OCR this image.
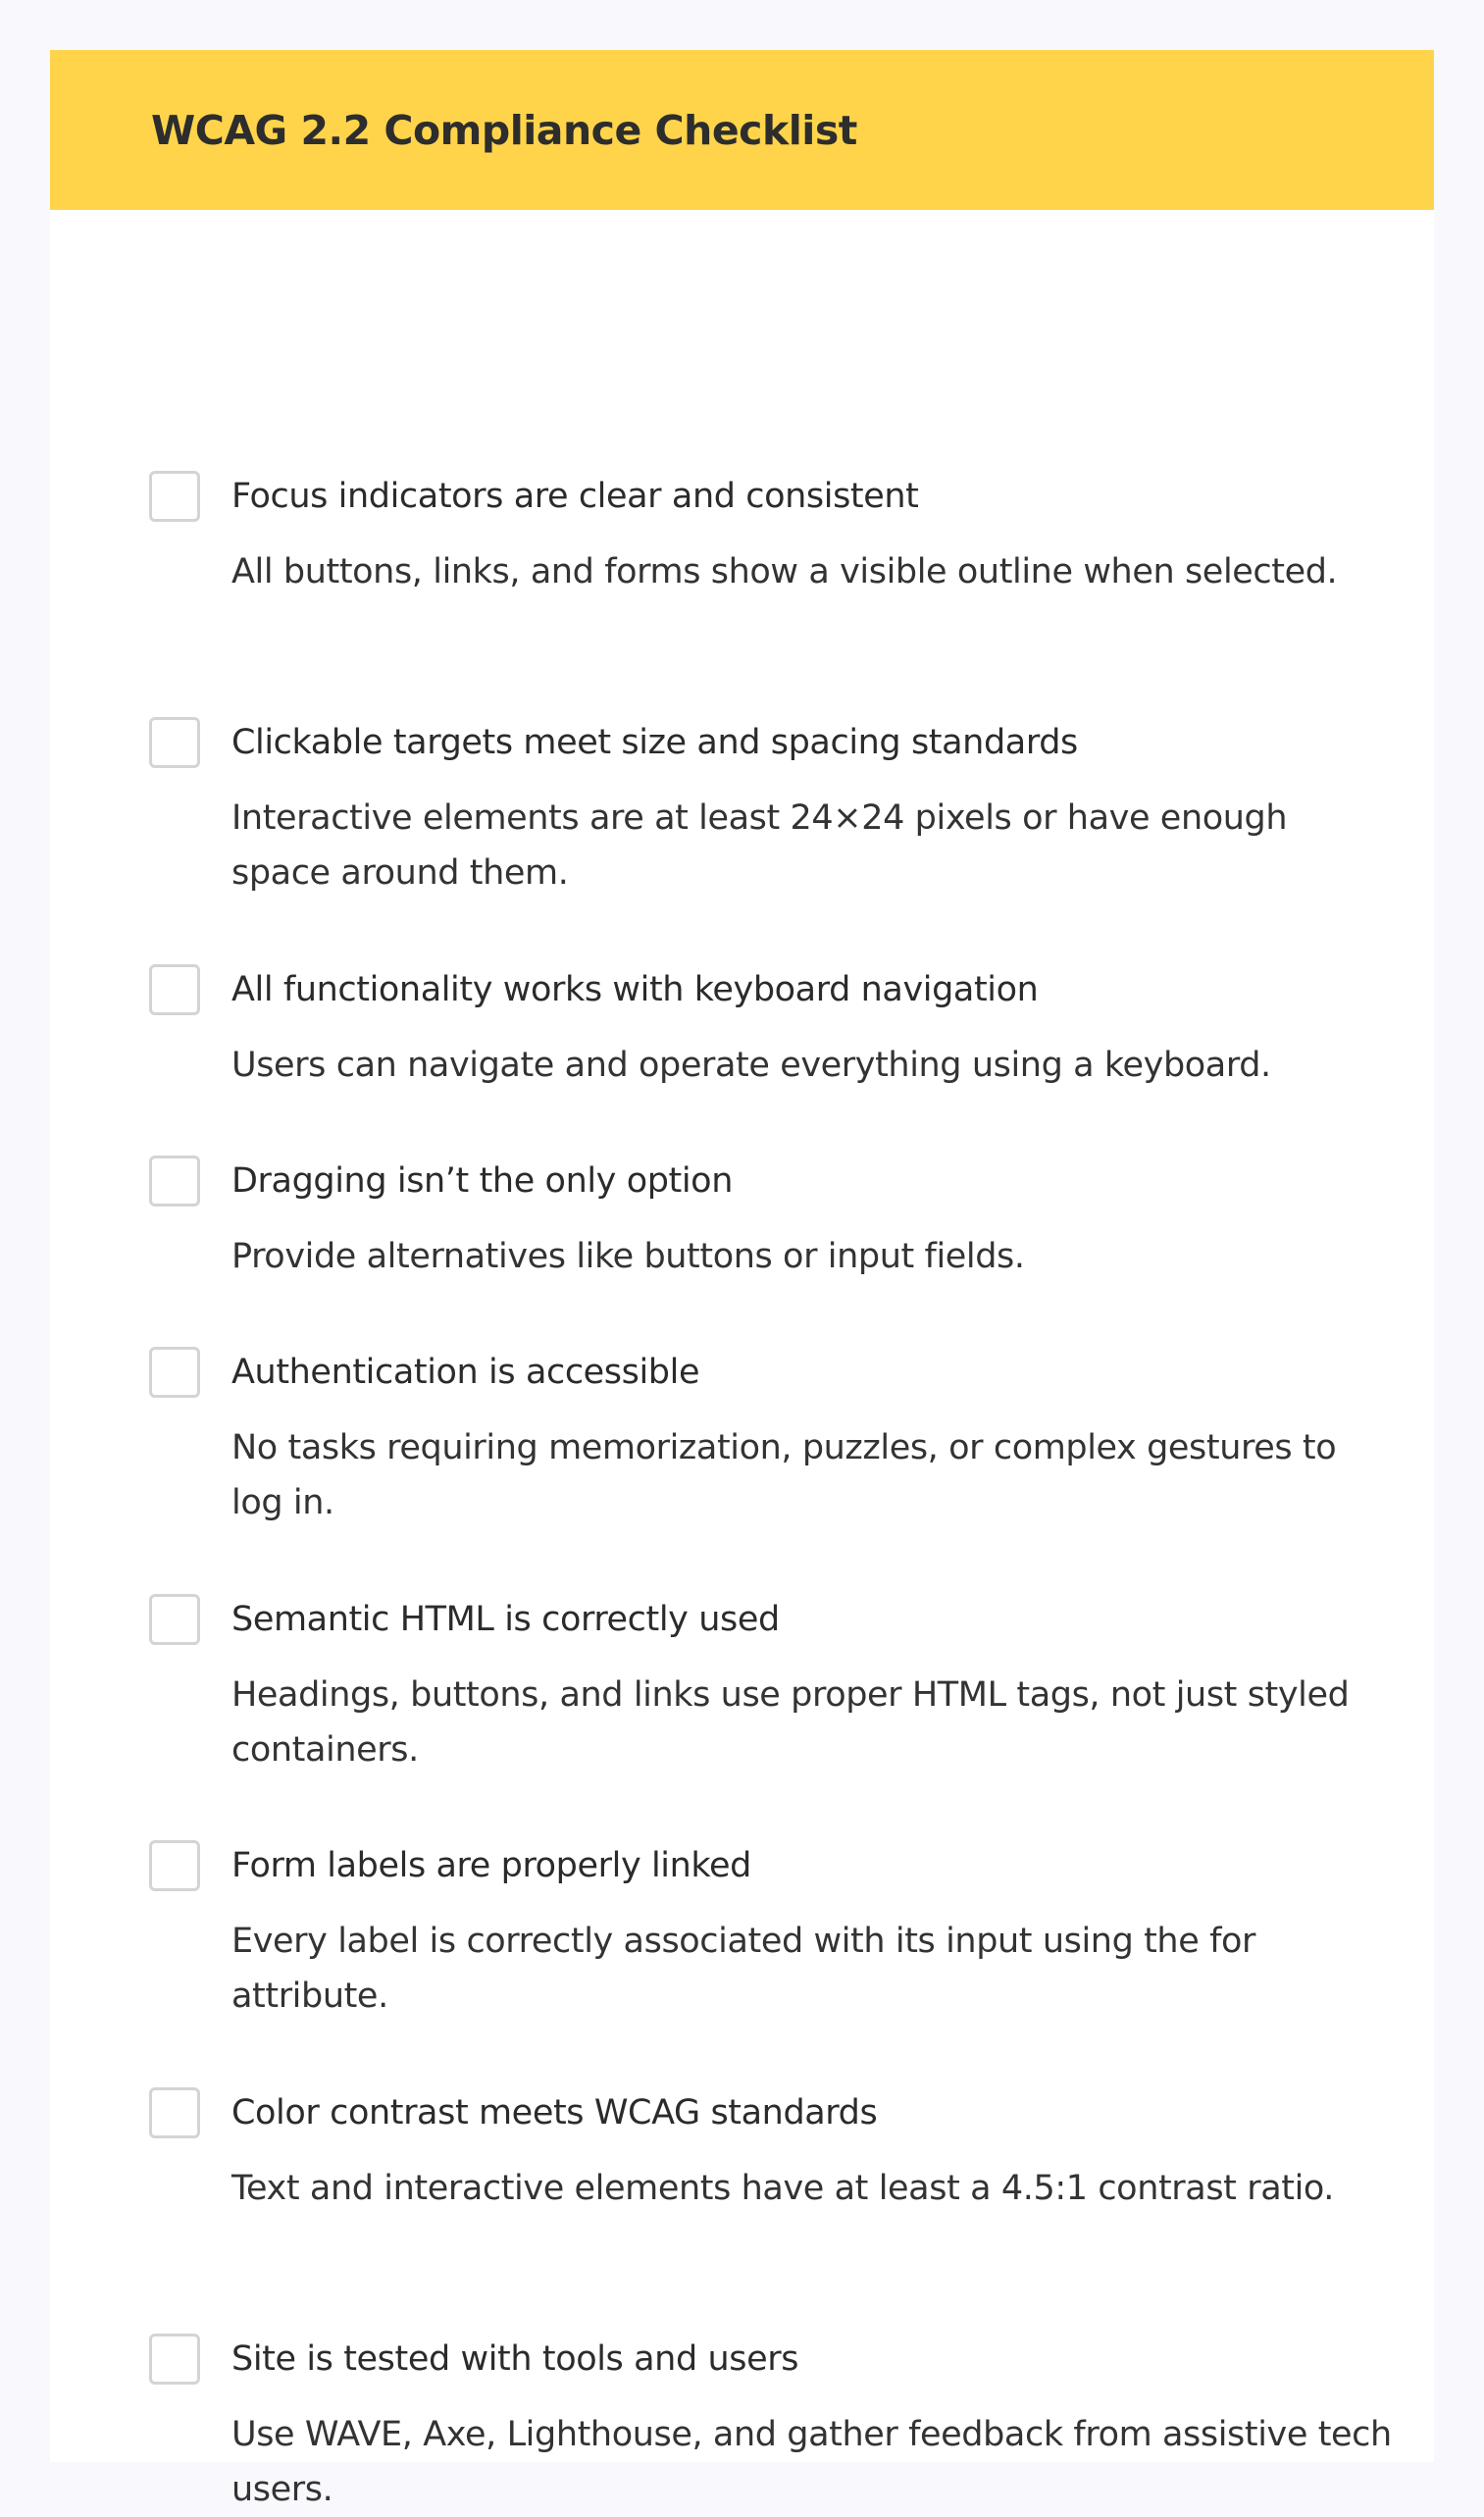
WCAG 2.2 Compliance Checklist
Focus indicators are clear and consistent

All buttons, links, and forms show a visible outline when selected.

Clickable targets meet size and spacing standards

Interactive elements are at least 24×24 pixels or have enough space around them.

All functionality works with keyboard navigation

Users can navigate and operate everything using a keyboard.

Dragging isn’t the only option

Provide alternatives like buttons or input fields.

Authentication is accessible

No tasks requiring memorization, puzzles, or complex gestures to log in.

Semantic HTML is correctly used

Headings, buttons, and links use proper HTML tags, not just styled containers.

Form labels are properly linked

Every label is correctly associated with its input using the for attribute.

Color contrast meets WCAG standards

Text and interactive elements have at least a 4.5:1 contrast ratio.

Site is tested with tools and users

Use WAVE, Axe, Lighthouse, and gather feedback from assistive tech users.
